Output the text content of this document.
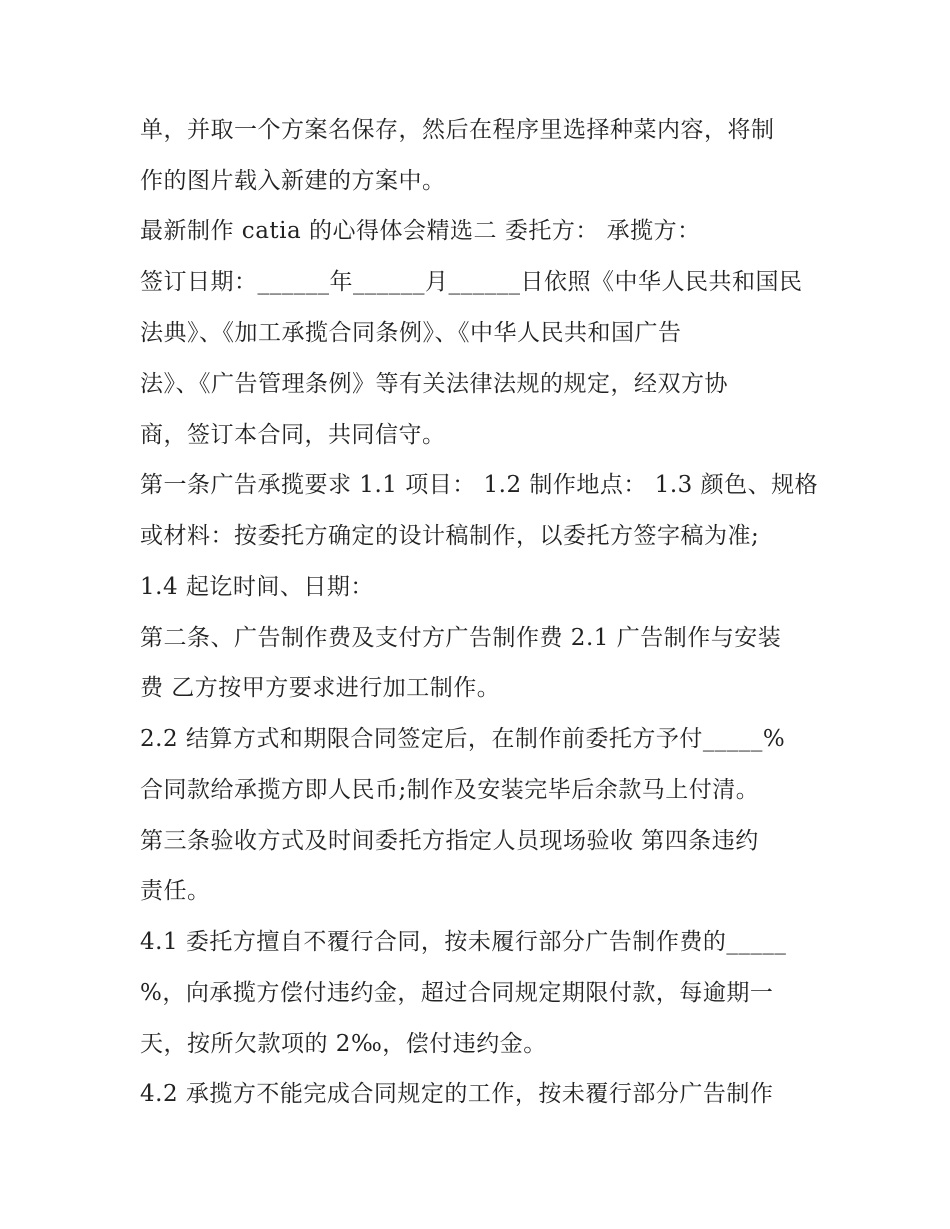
单，并取一个方案名保存，然后在程序里选择种菜内容，将制
作的图片载入新建的方案中。
最新制作 catia 的心得体会精选二 委托方： 承揽方：
签订日期：______年______月______日依照《中华人民共和国民
法典》、《加工承揽合同条例》、《中华人民共和国广告
法》、《广告管理条例》等有关法律法规的规定，经双方协
商，签订本合同，共同信守。
第一条广告承揽要求 1.1 项目： 1.2 制作地点： 1.3 颜色、规格
或材料：按委托方确定的设计稿制作，以委托方签字稿为准;
1.4 起讫时间、日期：
第二条、广告制作费及支付方广告制作费 2.1 广告制作与安装
费 乙方按甲方要求进行加工制作。
2.2 结算方式和期限合同签定后，在制作前委托方予付_____%
合同款给承揽方即人民币;制作及安装完毕后余款马上付清。
第三条验收方式及时间委托方指定人员现场验收 第四条违约
责任。
4.1 委托方擅自不覆行合同，按未履行部分广告制作费的_____
%，向承揽方偿付违约金，超过合同规定期限付款，每逾期一
天，按所欠款项的 2‰，偿付违约金。
4.2 承揽方不能完成合同规定的工作，按未覆行部分广告制作
